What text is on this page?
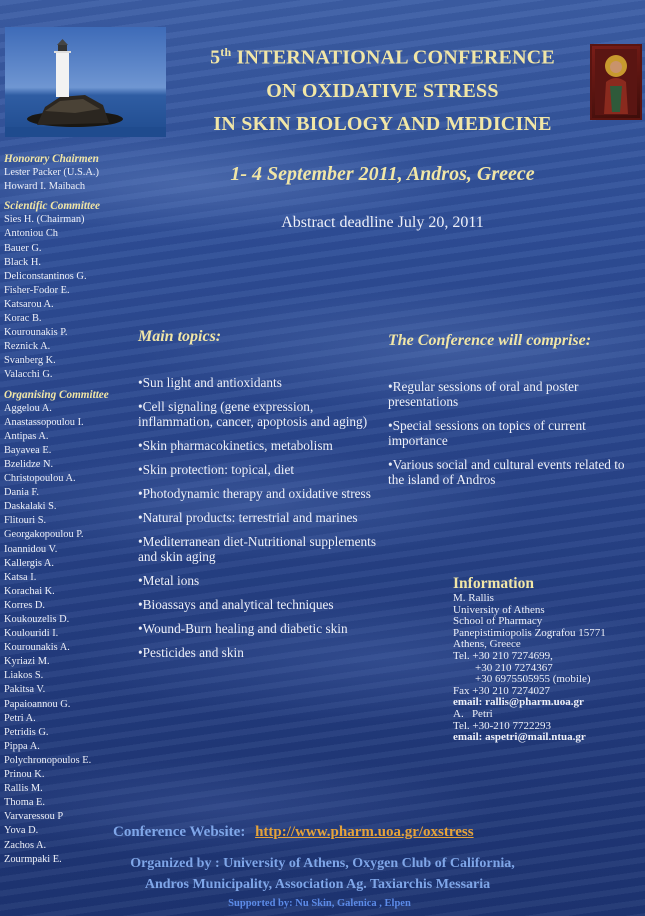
5th INTERNATIONAL CONFERENCE
ON OXIDATIVE STRESS
IN SKIN BIOLOGY AND MEDICINE
1- 4 September 2011, Andros, Greece
Abstract deadline July 20, 2011
Honorary Chairmen
Lester Packer (U.S.A.)
Howard I. Maibach
Scientific Committee
Sies H. (Chairman)
Antoniou Ch
Bauer G.
Black H.
Deliconstantinos G.
Fisher-Fodor E.
Katsarou A.
Korac B.
Kourounakis P.
Reznick A.
Svanberg K.
Valacchi G.
Organising Committee
Aggelou A.
Anastassopoulou I.
Antipas A.
Bayavea E.
Bzelidze N.
Christopoulou A.
Dania F.
Daskalaki S.
Flitouri S.
Georgakopoulou P.
Ioannidou V.
Kallergis A.
Katsa I.
Korachai K.
Korres D.
Koukouzelis D.
Koulouridi I.
Kourounakis A.
Kyriazi M.
Liakos S.
Pakitsa V.
Papaioannou G.
Petri A.
Petridis G.
Pippa A.
Polychronopoulos E.
Prinou K.
Rallis M.
Thoma E.
Varvaressou P
Yova D.
Zachos A.
Zourmpaki E.
Main topics:
•Sun light and antioxidants
•Cell signaling (gene expression, inflammation, cancer, apoptosis and aging)
•Skin pharmacokinetics, metabolism
•Skin protection: topical, diet
•Photodynamic therapy and oxidative stress
•Natural products: terrestrial and marines
•Mediterranean diet-Nutritional supplements and skin aging
•Metal ions
•Bioassays and analytical techniques
•Wound-Burn healing and diabetic skin
•Pesticides and skin
The Conference will comprise:
•Regular sessions of oral and poster presentations
•Special sessions on topics of current importance
•Various social and cultural events related to the island of Andros
Information
M. Rallis
University of Athens
School of Pharmacy
Panepistimiopolis Zografou 15771
Athens, Greece
Tel. +30 210 7274699,
+30 210 7274367
+30 6975505955 (mobile)
Fax +30 210 7274027
email: rallis@pharm.uoa.gr
A.   Petri
Tel. +30-210 7722293
email: aspetri@mail.ntua.gr
Conference Website: http://www.pharm.uoa.gr/oxstress
Organized by : University of Athens, Oxygen Club of California,
Andros Municipality, Association Ag. Taxiarchis Messaria
Supported by: Nu Skin, Galenica , Elpen
